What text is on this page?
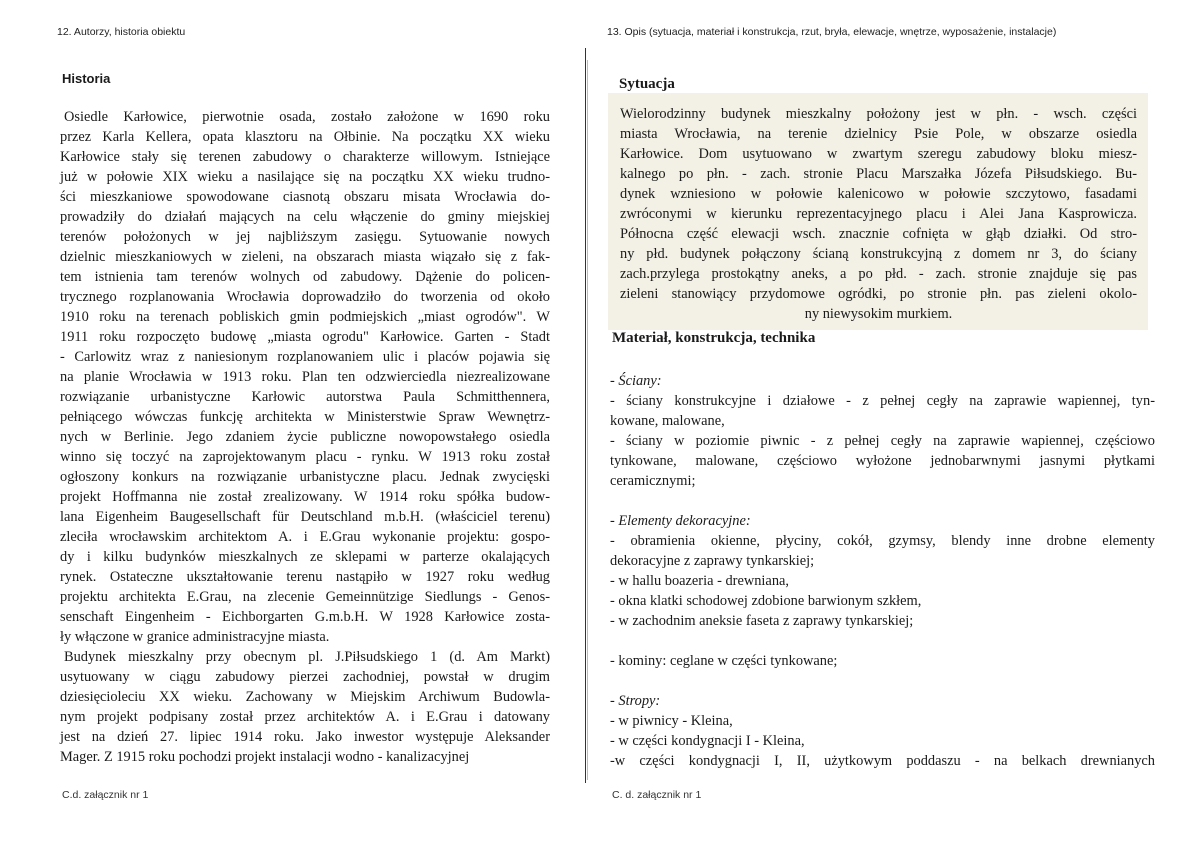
12. Autorzy, historia obiektu	13. Opis (sytuacja, materiał i konstrukcja, rzut, bryła, elewacje, wnętrze, wyposażenie, instalacje)
Historia
Osiedle Karłowice, pierwotnie osada, zostało założone w 1690 roku
przez Karla Kellera, opata klasztoru na Ołbinie. Na początku XX wieku
Karłowice stały się terenen zabudowy o charakterze willowym. Istniejące
już w połowie XIX wieku a nasilające się na początku XX wieku trudno-
ści mieszkaniowe spowodowane ciasnotą obszaru misata Wrocławia do-
prowadziły do działań mających na celu włączenie do gminy miejskiej
terenów położonych w jej najbliższym zasięgu. Sytuowanie nowych
dzielnic mieszkaniowych w zieleni, na obszarach miasta wiązało się z fak-
tem istnienia tam terenów wolnych od zabudowy. Dążenie do policen-
trycznego rozplanowania Wrocławia doprowadziło do tworzenia od około
1910 roku na terenach pobliskich gmin podmiejskich „miast ogrodów". W
1911 roku rozpoczęto budowę „miasta ogrodu" Karłowice. Garten - Stadt
- Carlowitz wraz z naniesionym rozplanowaniem ulic i placów pojawia się
na planie Wrocławia w 1913 roku. Plan ten odzwierciedla niezrealizowane
rozwiązanie urbanistyczne Karłowic autorstwa Paula Schmitthennera,
pełniącego wówczas funkcję architekta w Ministerstwie Spraw Wewnętrz-
nych w Berlinie. Jego zdaniem życie publiczne nowopowstałego osiedla
winno się toczyć na zaprojektowanym placu - rynku. W 1913 roku został
ogłoszony konkurs na rozwiązanie urbanistyczne placu. Jednak zwycięski
projekt Hoffmanna nie został zrealizowany. W 1914 roku spółka budow-
lana Eigenheim Baugesellschaft für Deutschland m.b.H. (właściciel terenu)
zleciła wrocławskim architektom A. i E.Grau wykonanie projektu: gospo-
dy i kilku budynków mieszkalnych ze sklepami w parterze okalających
rynek. Ostateczne ukształtowanie terenu nastąpiło w 1927 roku według
projektu architekta E.Grau, na zlecenie Gemeinnützige Siedlungs - Genos-
senschaft Eingenheim - Eichborgarten G.m.b.H. W 1928 Karłowice zosta-
ły włączone w granice administracyjne miasta.
Budynek mieszkalny przy obecnym pl. J.Piłsudskiego 1 (d. Am Markt)
usytuowany w ciągu zabudowy pierzei zachodniej, powstał w drugim
dziesięcioleciu XX wieku. Zachowany w Miejskim Archiwum Budowla-
nym projekt podpisany został przez architektów A. i E.Grau i datowany
jest na dzień 27. lipiec 1914 roku. Jako inwestor występuje Aleksander
Mager. Z 1915 roku pochodzi projekt instalacji wodno - kanalizacyjnej
Sytuacja
Wielorodzinny budynek mieszkalny położony jest w płn. - wsch. części
miasta Wrocławia, na terenie dzielnicy Psie Pole, w obszarze osiedla
Karłowice. Dom usytuowano w zwartym szeregu zabudowy bloku miesz-
kalnego po płn. - zach. stronie Placu Marszałka Józefa Piłsudskiego. Bu-
dynek wzniesiono w połowie kalenicowo w połowie szczytowo, fasadami
zwróconymi w kierunku reprezentacyjnego placu i Alei Jana Kasprowicza.
Północna część elewacji wsch. znacznie cofnięta w głąb działki. Od stro-
ny płd. budynek połączony ścianą konstrukcyjną z domem nr 3, do ściany
zach.przylega prostokątny aneks, a po płd. - zach. stronie znajduje się pas
zieleni stanowiący przydomowe ogródki, po stronie płn. pas zieleni okolo-
ny niewysokim murkiem.
Materiał, konstrukcja, technika
- Ściany:
- ściany konstrukcyjne i działowe - z pełnej cegły na zaprawie wapiennej, tyn-
kowane, malowane,
- ściany w poziomie piwnic - z pełnej cegły na zaprawie wapiennej, częściowo
tynkowane, malowane, częściowo wyłożone jednobarwnymi jasnymi płytkami
ceramicznymi;
- Elementy dekoracyjne:
- obramienia okienne, płyciny, cokół, gzymsy, blendy inne drobne elementy
dekoracyjne z zaprawy tynkarskiej;
- w hallu boazeria - drewniana,
- okna klatki schodowej zdobione barwionym szkłem,
- w zachodnim aneksie faseta z zaprawy tynkarskiej;
- kominy: ceglane w części tynkowane;
- Stropy:
- w piwnicy - Kleina,
- w części kondygnacji I - Kleina,
-w części kondygnacji I, II, użytkowym poddaszu - na belkach drewnianych
C.d. załącznik nr 1	C. d. załącznik nr 1
